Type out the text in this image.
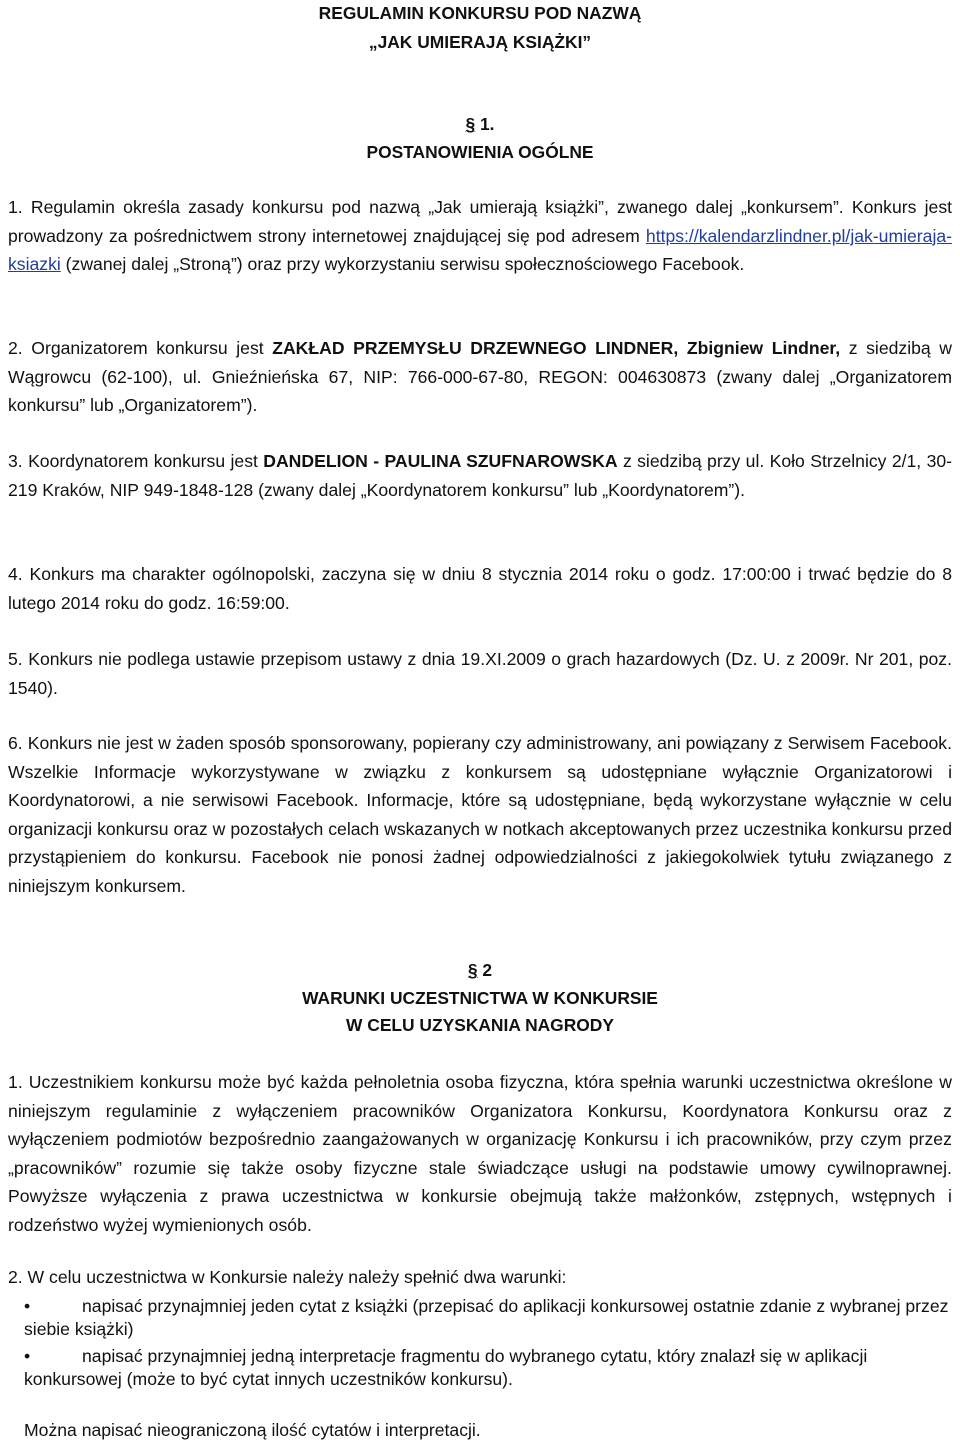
REGULAMIN KONKURSU POD NAZWĄ
„JAK UMIERAJĄ KSIĄŻKI”
§ 1.
POSTANOWIENIA OGÓLNE
1. Regulamin określa zasady konkursu pod nazwą „Jak umierają książki”, zwanego dalej „konkursem”. Konkurs jest prowadzony za pośrednictwem strony internetowej znajdującej się pod adresem https://kalendarzlindner.pl/jak-umieraja-ksiazki (zwanej dalej „Stroną”) oraz przy wykorzystaniu serwisu społecznościowego Facebook.
2. Organizatorem konkursu jest ZAKŁAD PRZEMYSŁU DRZEWNEGO LINDNER, Zbigniew Lindner, z siedzibą w Wągrowcu (62-100), ul. Gnieźnieńska 67, NIP: 766-000-67-80, REGON: 004630873 (zwany dalej „Organizatorem konkursu” lub „Organizatorem”).
3. Koordynatorem konkursu jest DANDELION - PAULINA SZUFNAROWSKA z siedzibą przy ul. Koło Strzelnicy 2/1, 30-219 Kraków, NIP 949-1848-128 (zwany dalej „Koordynatorem konkursu” lub „Koordynatorem”).
4. Konkurs ma charakter ogólnopolski, zaczyna się w dniu 8 stycznia 2014 roku o godz. 17:00:00 i trwać będzie do 8 lutego 2014 roku do godz. 16:59:00.
5. Konkurs nie podlega ustawie przepisom ustawy z dnia 19.XI.2009 o grach hazardowych (Dz. U. z 2009r. Nr 201, poz. 1540).
6. Konkurs nie jest w żaden sposób sponsorowany, popierany czy administrowany, ani powiązany z Serwisem Facebook. Wszelkie Informacje wykorzystywane w związku z konkursem są udostępniane wyłącznie Organizatorowi i Koordynatorowi, a nie serwisowi Facebook. Informacje, które są udostępniane, będą wykorzystane wyłącznie w celu organizacji konkursu oraz w pozostałych celach wskazanych w notkach akceptowanych przez uczestnika konkursu przed przystąpieniem do konkursu. Facebook nie ponosi żadnej odpowiedzialności z jakiegokolwiek tytułu związanego z niniejszym konkursem.
§ 2
WARUNKI UCZESTNICTWA W KONKURSIE
W CELU UZYSKANIA NAGRODY
1. Uczestnikiem konkursu może być każda pełnoletnia osoba fizyczna, która spełnia warunki uczestnictwa określone w niniejszym regulaminie z wyłączeniem pracowników Organizatora Konkursu, Koordynatora Konkursu oraz z wyłączeniem podmiotów bezpośrednio zaangażowanych w organizację Konkursu i ich pracowników, przy czym przez „pracowników” rozumie się także osoby fizyczne stale świadczące usługi na podstawie umowy cywilnoprawnej. Powyższe wyłączenia z prawa uczestnictwa w konkursie obejmują także małżonków, zstępnych, wstępnych i rodzeństwo wyżej wymienionych osób.
2. W celu uczestnictwa w Konkursie należy należy spełnić dwa warunki:
•	napisać przynajmniej jeden cytat z książki (przepisać do aplikacji konkursowej ostatnie zdanie z wybranej przez siebie książki)
•	napisać przynajmniej jedną interpretacje fragmentu do wybranego cytatu, który znalazł się w aplikacji konkursowej (może to być cytat innych uczestników konkursu).
Można napisać nieograniczoną ilość cytatów i interpretacji.
